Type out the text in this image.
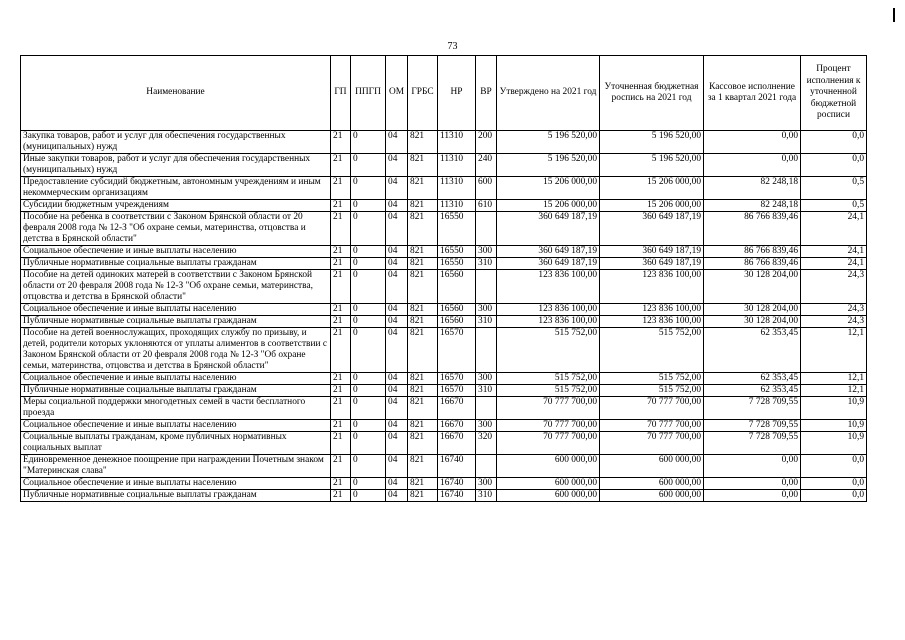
73
Наименование	ГП	ППГП	ОМ	ГРБС	НР	ВР	Утверждено на 2021 год	Уточненная бюджетная роспись на 2021 год	Кассовое исполнение за 1 квартал 2021 года	Процент исполнения к уточненной бюджетной росписи
Закупка товаров, работ и услуг для обеспечения государственных (муниципальных) нужд	21	0	04	821	11310	200	5 196 520,00	5 196 520,00	0,00	0,0
Иные закупки товаров, работ и услуг для обеспечения государственных (муниципальных) нужд	21	0	04	821	11310	240	5 196 520,00	5 196 520,00	0,00	0,0
Предоставление субсидий бюджетным, автономным учреждениям и иным некоммерческим организациям	21	0	04	821	11310	600	15 206 000,00	15 206 000,00	82 248,18	0,5
Субсидии бюджетным учреждениям	21	0	04	821	11310	610	15 206 000,00	15 206 000,00	82 248,18	0,5
Пособие на ребенка в соответствии с Законом Брянской области от 20 февраля 2008 года № 12-З "Об охране семьи, материнства, отцовства и детства в Брянской области"	21	0	04	821	16550		360 649 187,19	360 649 187,19	86 766 839,46	24,1
Социальное обеспечение и иные выплаты населению	21	0	04	821	16550	300	360 649 187,19	360 649 187,19	86 766 839,46	24,1
Публичные нормативные социальные выплаты гражданам	21	0	04	821	16550	310	360 649 187,19	360 649 187,19	86 766 839,46	24,1
Пособие на детей одиноких матерей в соответствии с Законом Брянской области от 20 февраля 2008 года № 12-З "Об охране семьи, материнства, отцовства и детства в Брянской области"	21	0	04	821	16560		123 836 100,00	123 836 100,00	30 128 204,00	24,3
Социальное обеспечение и иные выплаты населению	21	0	04	821	16560	300	123 836 100,00	123 836 100,00	30 128 204,00	24,3
Публичные нормативные социальные выплаты гражданам	21	0	04	821	16560	310	123 836 100,00	123 836 100,00	30 128 204,00	24,3
Пособие на детей военнослужащих, проходящих службу по призыву, и детей, родители которых уклоняются от уплаты алиментов в соответствии с Законом Брянской области от 20 февраля 2008 года № 12-З "Об охране семьи, материнства, отцовства и детства в Брянской области"	21	0	04	821	16570		515 752,00	515 752,00	62 353,45	12,1
Социальное обеспечение и иные выплаты населению	21	0	04	821	16570	300	515 752,00	515 752,00	62 353,45	12,1
Публичные нормативные социальные выплаты гражданам	21	0	04	821	16570	310	515 752,00	515 752,00	62 353,45	12,1
Меры социальной поддержки многодетных семей в части бесплатного проезда	21	0	04	821	16670		70 777 700,00	70 777 700,00	7 728 709,55	10,9
Социальное обеспечение и иные выплаты населению	21	0	04	821	16670	300	70 777 700,00	70 777 700,00	7 728 709,55	10,9
Социальные выплаты гражданам, кроме публичных нормативных социальных выплат	21	0	04	821	16670	320	70 777 700,00	70 777 700,00	7 728 709,55	10,9
Единовременное денежное поощрение при награждении Почетным знаком "Материнская слава"	21	0	04	821	16740		600 000,00	600 000,00	0,00	0,0
Социальное обеспечение и иные выплаты населению	21	0	04	821	16740	300	600 000,00	600 000,00	0,00	0,0
Публичные нормативные социальные выплаты гражданам	21	0	04	821	16740	310	600 000,00	600 000,00	0,00	0,0
